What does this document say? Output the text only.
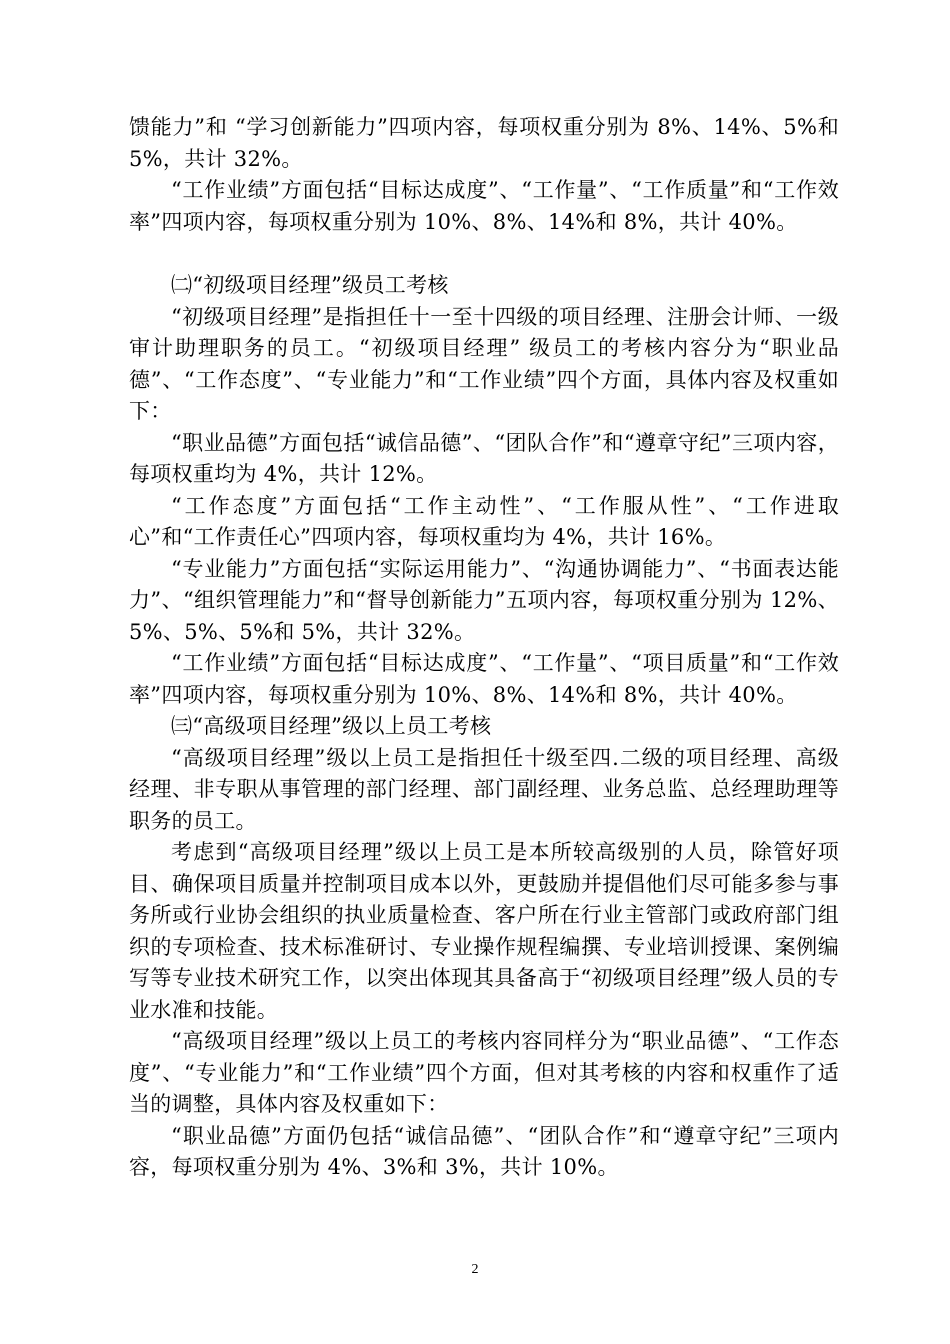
馈能力”和 “学习创新能力”四项内容，每项权重分别为 8%、14%、5%和 5%，共计 32%。

“工作业绩”方面包括“目标达成度”、“工作量”、“工作质量”和“工作效率”四项内容，每项权重分别为 10%、8%、14%和 8%，共计 40%。

㈡“初级项目经理”级员工考核

“初级项目经理”是指担任十一至十四级的项目经理、注册会计师、一级审计助理职务的员工。“初级项目经理” 级员工的考核内容分为“职业品德”、“工作态度”、“专业能力”和“工作业绩”四个方面，具体内容及权重如下：

“职业品德”方面包括“诚信品德”、“团队合作”和“遵章守纪”三项内容，每项权重均为 4%，共计 12%。

“工作态度”方面包括“工作主动性”、“工作服从性”、“工作进取心”和“工作责任心”四项内容，每项权重均为 4%，共计 16%。

“专业能力”方面包括“实际运用能力”、“沟通协调能力”、“书面表达能力”、“组织管理能力”和“督导创新能力”五项内容，每项权重分别为 12%、5%、5%、5%和 5%，共计 32%。

“工作业绩”方面包括“目标达成度”、“工作量”、“项目质量”和“工作效率”四项内容，每项权重分别为 10%、8%、14%和 8%，共计 40%。

㈢“高级项目经理”级以上员工考核

“高级项目经理”级以上员工是指担任十级至四.二级的项目经理、高级经理、非专职从事管理的部门经理、部门副经理、业务总监、总经理助理等职务的员工。

考虑到“高级项目经理”级以上员工是本所较高级别的人员，除管好项目、确保项目质量并控制项目成本以外，更鼓励并提倡他们尽可能多参与事务所或行业协会组织的执业质量检查、客户所在行业主管部门或政府部门组织的专项检查、技术标准研讨、专业操作规程编撰、专业培训授课、案例编写等专业技术研究工作，以突出体现其具备高于“初级项目经理”级人员的专业水准和技能。

“高级项目经理”级以上员工的考核内容同样分为“职业品德”、“工作态度”、“专业能力”和“工作业绩”四个方面，但对其考核的内容和权重作了适当的调整，具体内容及权重如下：

“职业品德”方面仍包括“诚信品德”、“团队合作”和“遵章守纪”三项内容，每项权重分别为 4%、3%和 3%，共计 10%。

2
